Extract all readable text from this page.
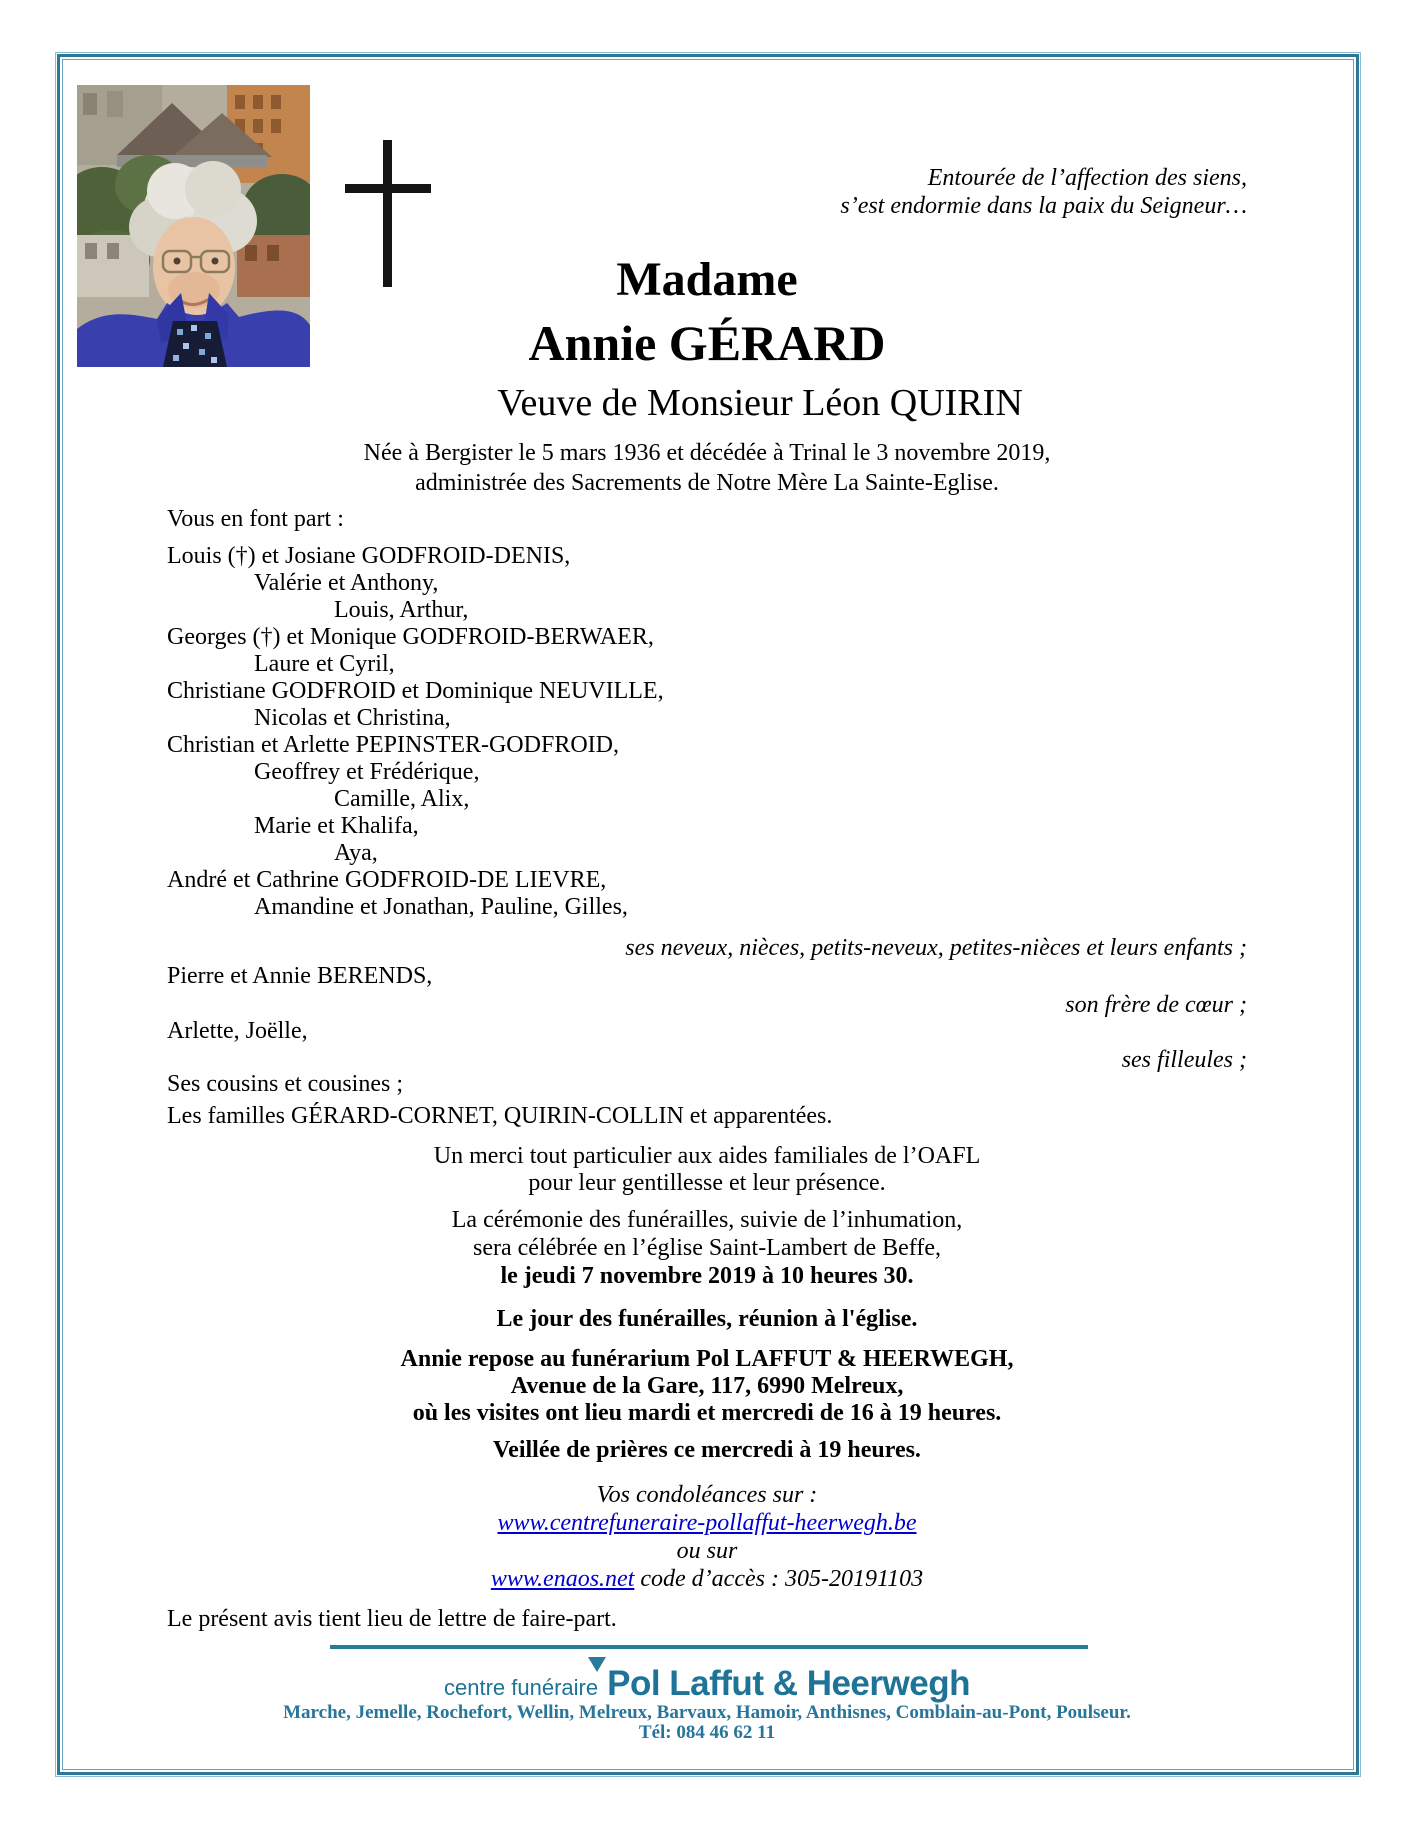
Entourée de l’affection des siens,
s’est endormie dans la paix du Seigneur…
Madame
Annie GÉRARD
Veuve de Monsieur Léon QUIRIN
Née à Bergister le 5 mars 1936 et décédée à Trinal le 3 novembre 2019,
administrée des Sacrements de Notre Mère La Sainte-Eglise.
Vous en font part :
Louis (†) et Josiane GODFROID-DENIS,
Valérie et Anthony,
Louis, Arthur,
Georges (†) et Monique GODFROID-BERWAER,
Laure et Cyril,
Christiane GODFROID et Dominique NEUVILLE,
Nicolas et Christina,
Christian et Arlette PEPINSTER-GODFROID,
Geoffrey et Frédérique,
Camille, Alix,
Marie et Khalifa,
Aya,
André et Cathrine GODFROID-DE LIEVRE,
Amandine et Jonathan, Pauline, Gilles,
ses neveux, nièces, petits-neveux, petites-nièces et leurs enfants ;
Pierre et Annie BERENDS,
son frère de cœur ;
Arlette, Joëlle,
ses filleules ;
Ses cousins et cousines ;
Les familles GÉRARD-CORNET, QUIRIN-COLLIN et apparentées.
Un merci tout particulier aux aides familiales de l’OAFL
pour leur gentillesse et leur présence.
La cérémonie des funérailles, suivie de l’inhumation,
sera célébrée en l’église Saint-Lambert de Beffe,
le jeudi 7 novembre 2019 à 10 heures 30.
Le jour des funérailles, réunion à l'église.
Annie repose au funérarium Pol LAFFUT & HEERWEGH,
Avenue de la Gare, 117, 6990 Melreux,
où les visites ont lieu mardi et mercredi de 16 à 19 heures.
Veillée de prières ce mercredi à 19 heures.
Vos condoléances sur :
www.centrefuneraire-pollaffut-heerwegh.be
ou sur
www.enaos.net code d’accès : 305-20191103
Le présent avis tient lieu de lettre de faire-part.
centre funéraire Pol Laffut & Heerwegh
Marche, Jemelle, Rochefort, Wellin, Melreux, Barvaux, Hamoir, Anthisnes, Comblain-au-Pont, Poulseur.
Tél: 084 46 62 11
